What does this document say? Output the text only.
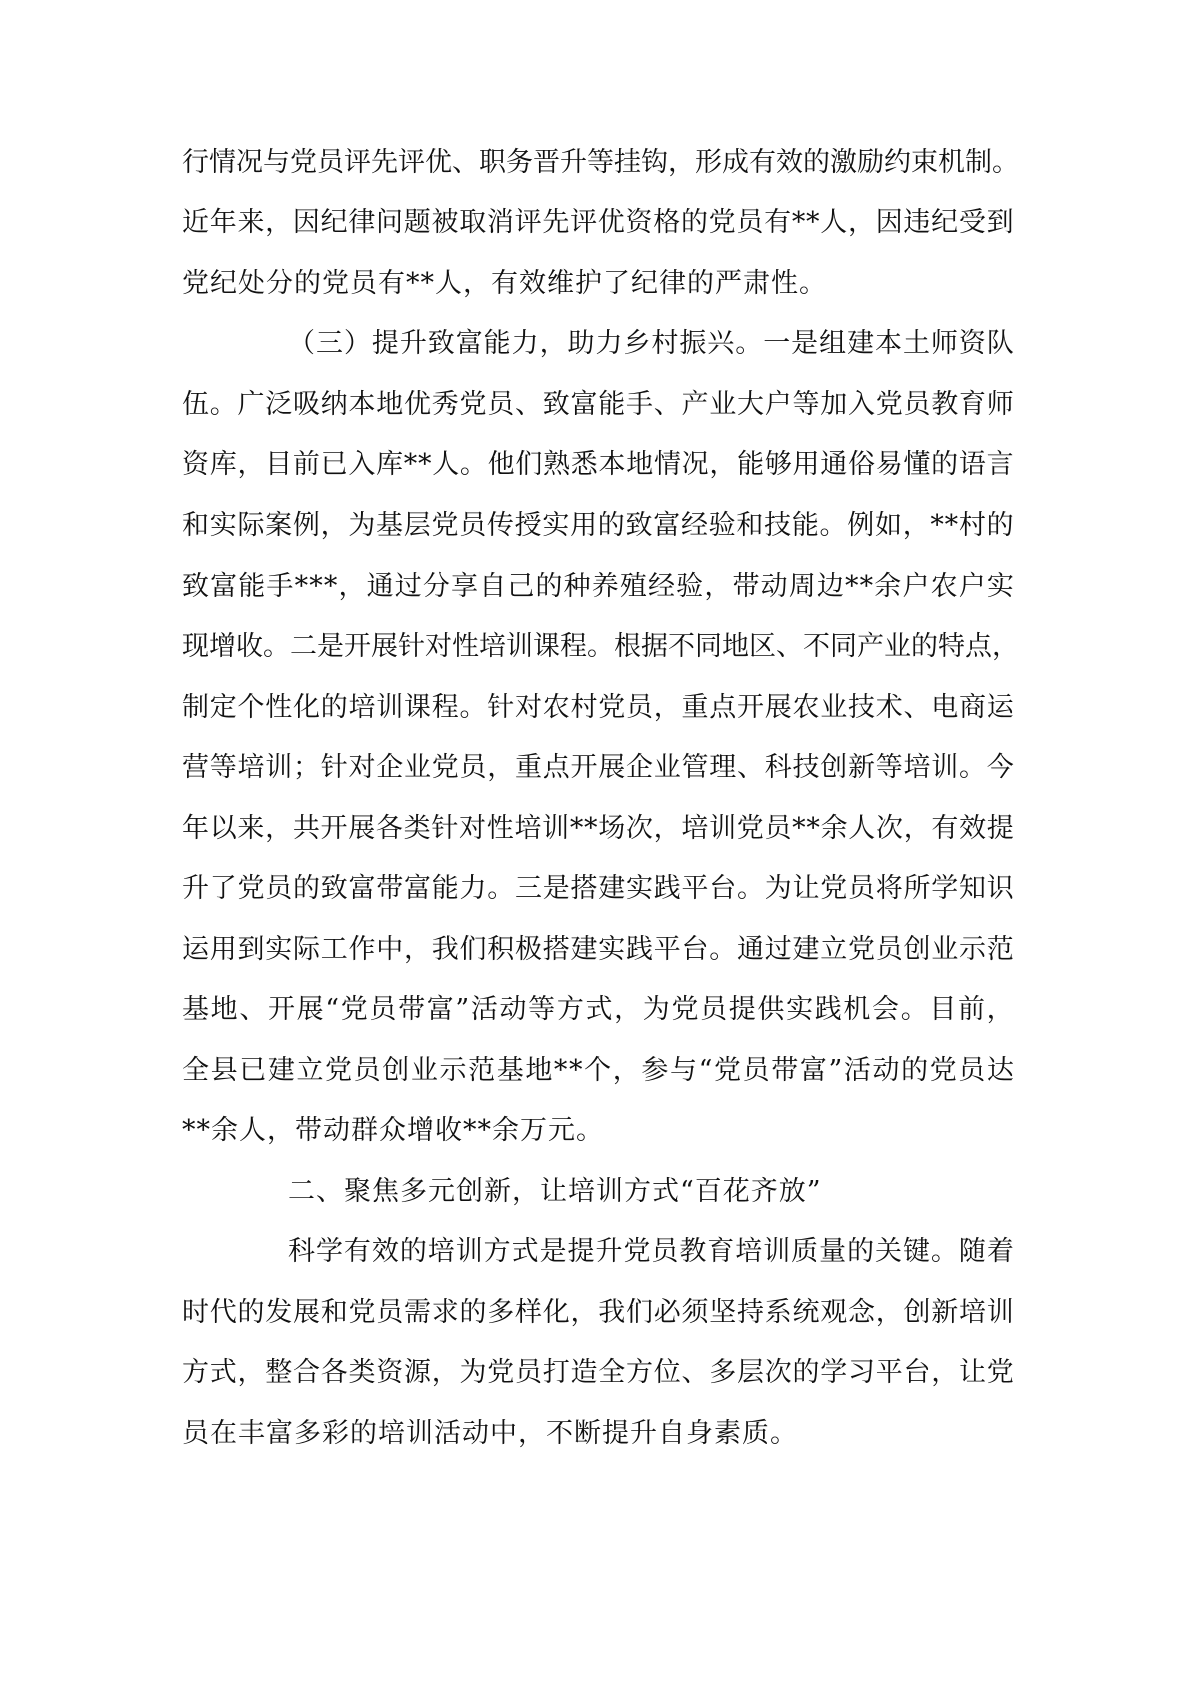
行 情 况 与 党 员 评 先 评 优 、 职 务 晋 升 等 挂 钩 ， 形 成 有 效 的 激 励 约 束 机 制 。
近 年 来 ， 因 纪 律 问 题 被 取 消 评 先 评 优 资 格 的 党 员 有 * * 人 ， 因 违 纪 受 到
党纪处分的党员有**人，有效维护了纪律的严肃性。
（ 三 ） 提 升 致 富 能 力 ， 助 力 乡 村 振 兴 。 一 是 组 建 本 土 师 资 队
伍 。 广 泛 吸 纳 本 地 优 秀 党 员 、 致 富 能 手 、 产 业 大 户 等 加 入 党 员 教 育 师
资 库 ， 目 前 已 入 库 * * 人 。 他 们 熟 悉 本 地 情 况 ， 能 够 用 通 俗 易 懂 的 语 言
和 实 际 案 例 ， 为 基 层 党 员 传 授 实 用 的 致 富 经 验 和 技 能 。 例 如 ， * * 村 的
致 富 能 手 * * * ， 通 过 分 享 自 己 的 种 养 殖 经 验 ， 带 动 周 边 * * 余 户 农 户 实
现 增 收 。 二 是 开 展 针 对 性 培 训 课 程 。 根 据 不 同 地 区 、 不 同 产 业 的 特 点 ，
制 定 个 性 化 的 培 训 课 程 。 针 对 农 村 党 员 ， 重 点 开 展 农 业 技 术 、 电 商 运
营 等 培 训 ； 针 对 企 业 党 员 ， 重 点 开 展 企 业 管 理 、 科 技 创 新 等 培 训 。 今
年 以 来 ， 共 开 展 各 类 针 对 性 培 训 * * 场 次 ， 培 训 党 员 * * 余 人 次 ， 有 效 提
升 了 党 员 的 致 富 带 富 能 力 。 三 是 搭 建 实 践 平 台 。 为 让 党 员 将 所 学 知 识
运 用 到 实 际 工 作 中 ， 我 们 积 极 搭 建 实 践 平 台 。 通 过 建 立 党 员 创 业 示 范
基 地 、 开 展 “ 党 员 带 富 ” 活 动 等 方 式 ， 为 党 员 提 供 实 践 机 会 。 目 前 ，
全 县 已 建 立 党 员 创 业 示 范 基 地 * * 个 ， 参 与 “ 党 员 带 富 ” 活 动 的 党 员 达
**余人，带动群众增收**余万元。
二、聚焦多元创新，让培训方式“百花齐放”
科 学 有 效 的 培 训 方 式 是 提 升 党 员 教 育 培 训 质 量 的 关 键 。 随 着
时 代 的 发 展 和 党 员 需 求 的 多 样 化 ， 我 们 必 须 坚 持 系 统 观 念 ， 创 新 培 训
方 式 ， 整 合 各 类 资 源 ， 为 党 员 打 造 全 方 位 、 多 层 次 的 学 习 平 台 ， 让 党
员在丰富多彩的培训活动中，不断提升自身素质。
